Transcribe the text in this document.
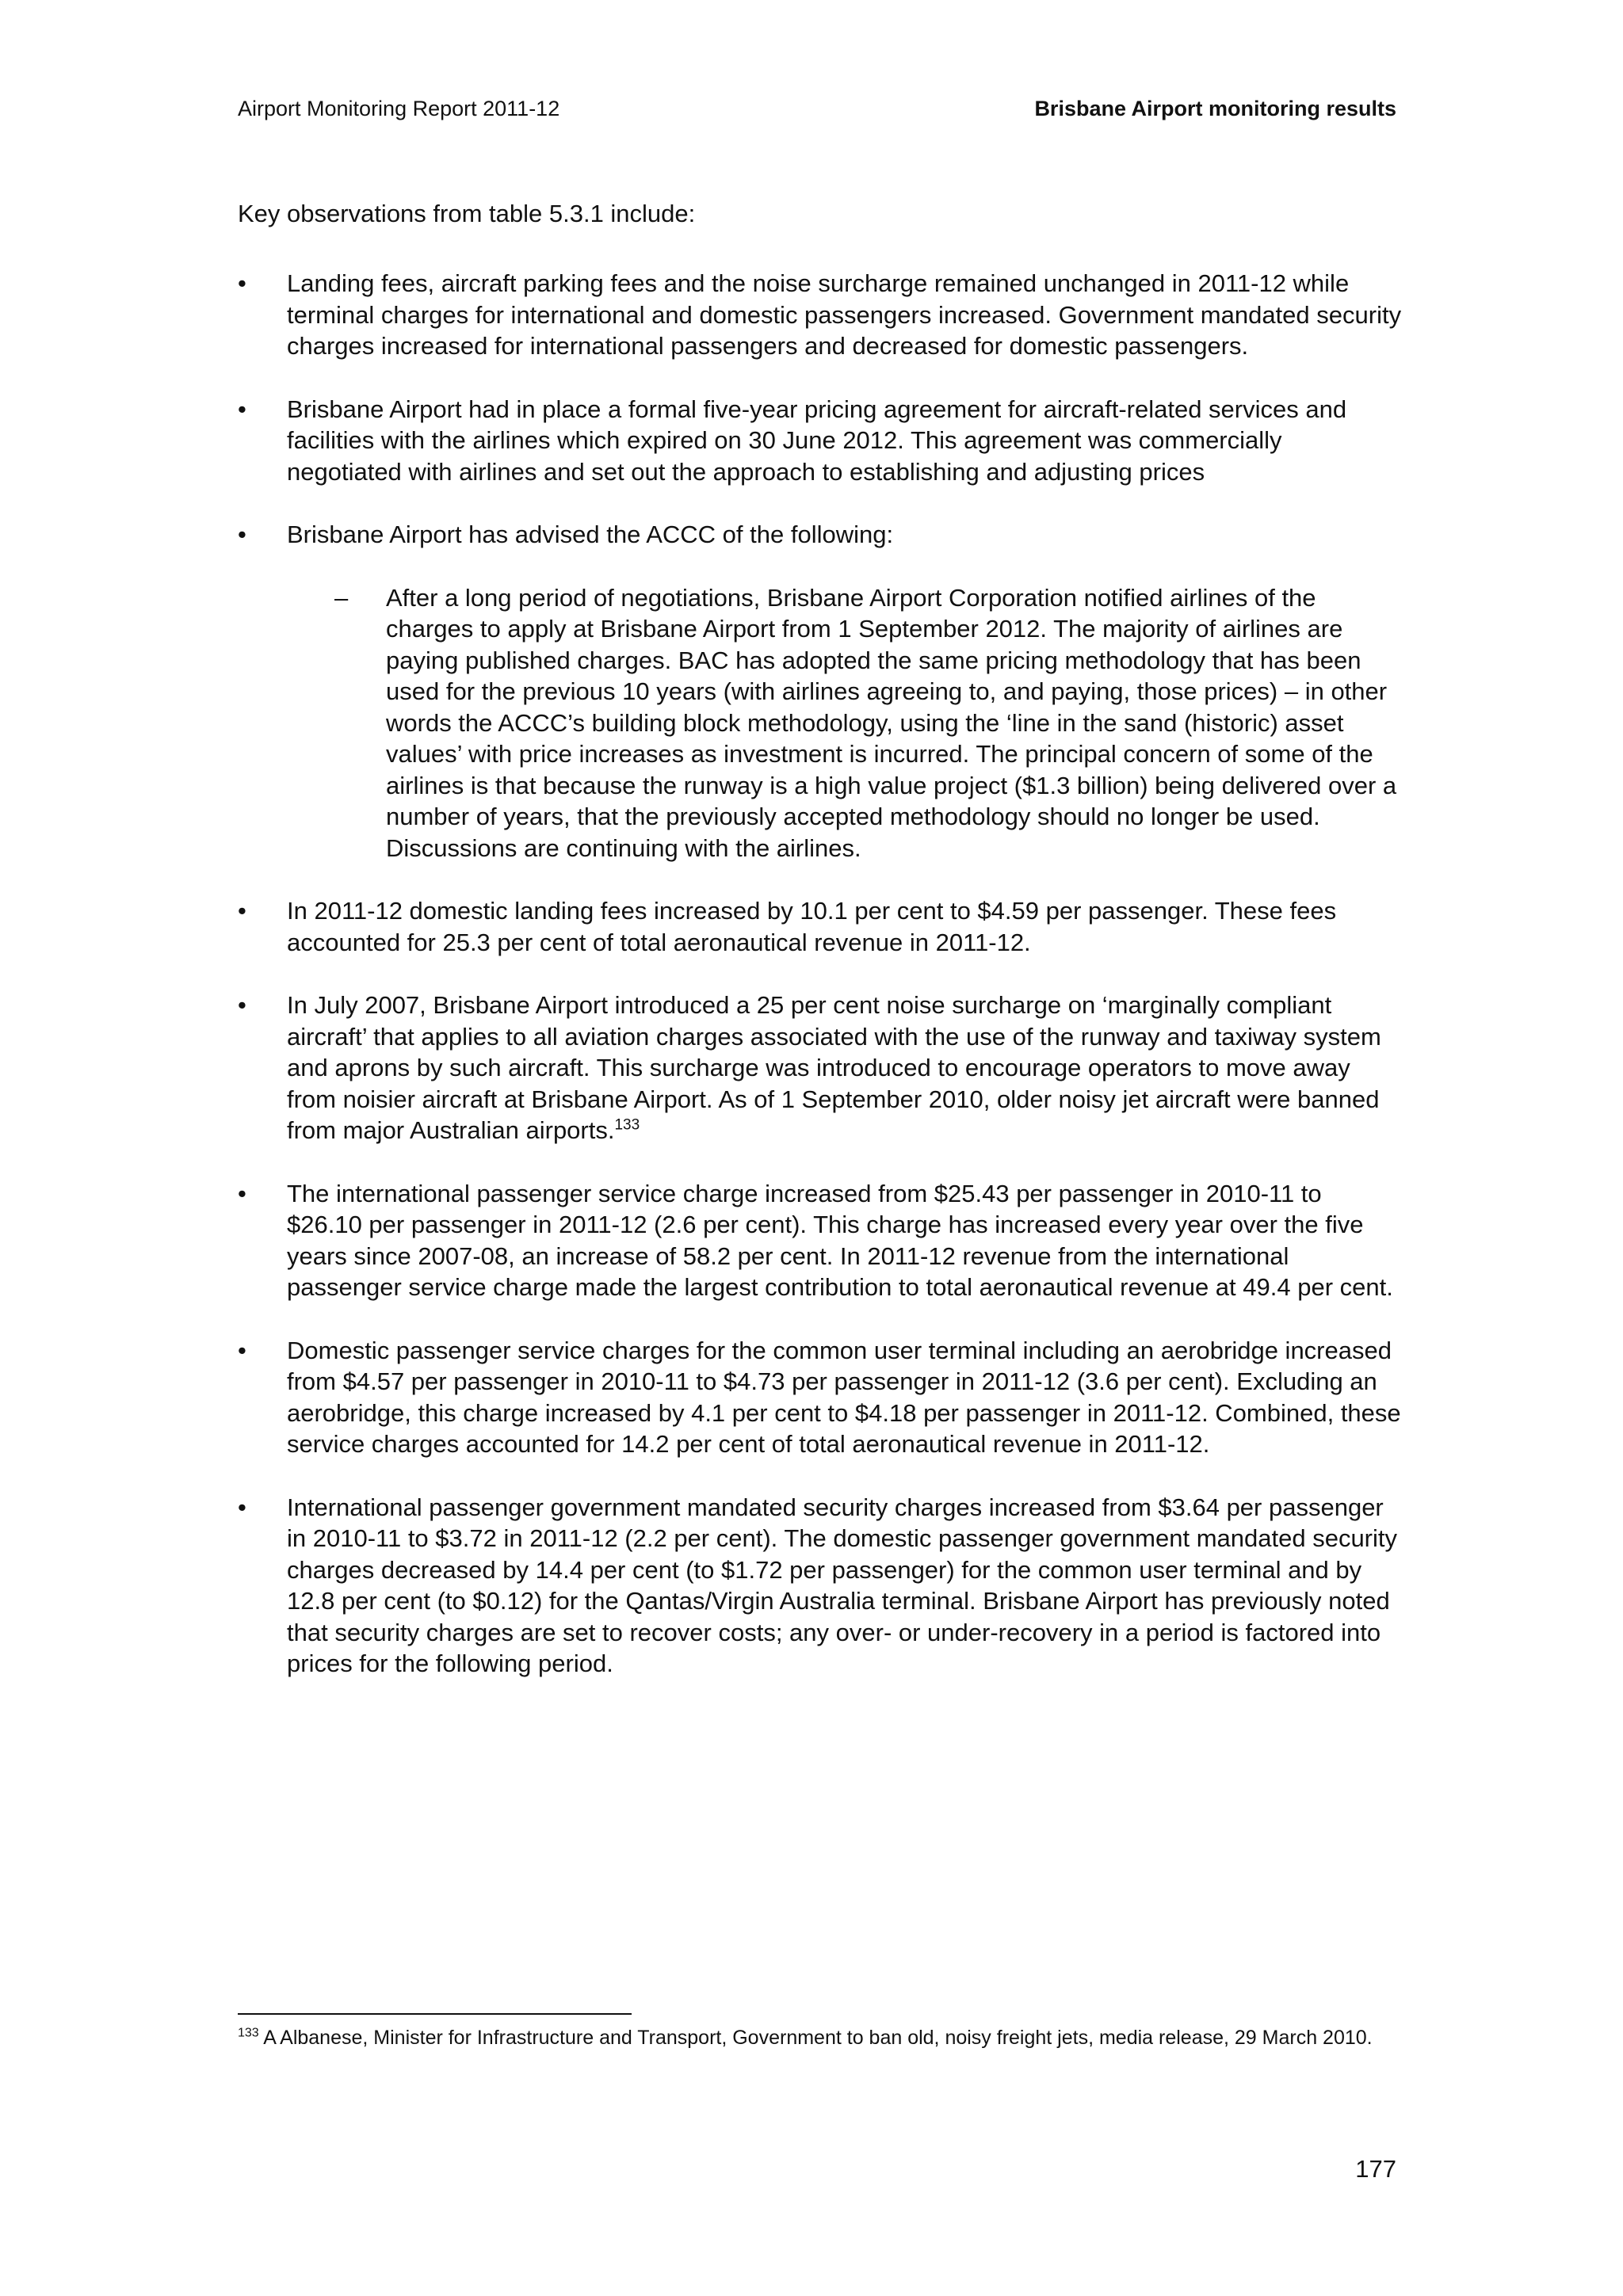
Airport Monitoring Report 2011-12	Brisbane Airport monitoring results
Key observations from table 5.3.1 include:
•	Landing fees, aircraft parking fees and the noise surcharge remained unchanged in 2011-12 while terminal charges for international and domestic passengers increased. Government mandated security charges increased for international passengers and decreased for domestic passengers.
•	Brisbane Airport had in place a formal five-year pricing agreement for aircraft-related services and facilities with the airlines which expired on 30 June 2012. This agreement was commercially negotiated with airlines and set out the approach to establishing and adjusting prices
•	Brisbane Airport has advised the ACCC of the following:
–	After a long period of negotiations, Brisbane Airport Corporation notified airlines of the charges to apply at Brisbane Airport from 1 September 2012. The majority of airlines are paying published charges. BAC has adopted the same pricing methodology that has been used for the previous 10 years (with airlines agreeing to, and paying, those prices) – in other words the ACCC’s building block methodology, using the ‘line in the sand (historic) asset values’ with price increases as investment is incurred. The principal concern of some of the airlines is that because the runway is a high value project ($1.3 billion) being delivered over a number of years, that the previously accepted methodology should no longer be used. Discussions are continuing with the airlines.
•	In 2011-12 domestic landing fees increased by 10.1 per cent to $4.59 per passenger. These fees accounted for 25.3 per cent of total aeronautical revenue in 2011-12.
•	In July 2007, Brisbane Airport introduced a 25 per cent noise surcharge on ‘marginally compliant aircraft’ that applies to all aviation charges associated with the use of the runway and taxiway system and aprons by such aircraft. This surcharge was introduced to encourage operators to move away from noisier aircraft at Brisbane Airport. As of 1 September 2010, older noisy jet aircraft were banned from major Australian airports.$^{133}$
•	The international passenger service charge increased from $25.43 per passenger in 2010-11 to $26.10 per passenger in 2011-12 (2.6 per cent). This charge has increased every year over the five years since 2007-08, an increase of 58.2 per cent. In 2011-12 revenue from the international passenger service charge made the largest contribution to total aeronautical revenue at 49.4 per cent.
•	Domestic passenger service charges for the common user terminal including an aerobridge increased from $4.57 per passenger in 2010-11 to $4.73 per passenger in 2011-12 (3.6 per cent). Excluding an aerobridge, this charge increased by 4.1 per cent to $4.18 per passenger in 2011-12. Combined, these service charges accounted for 14.2 per cent of total aeronautical revenue in 2011-12.
•	International passenger government mandated security charges increased from $3.64 per passenger in 2010-11 to $3.72 in 2011-12 (2.2 per cent). The domestic passenger government mandated security charges decreased by 14.4 per cent (to $1.72 per passenger) for the common user terminal and by 12.8 per cent (to $0.12) for the Qantas/Virgin Australia terminal. Brisbane Airport has previously noted that security charges are set to recover costs; any over- or under-recovery in a period is factored into prices for the following period.
$^{133}$ A Albanese, Minister for Infrastructure and Transport, Government to ban old, noisy freight jets, media release, 29 March 2010.
177
